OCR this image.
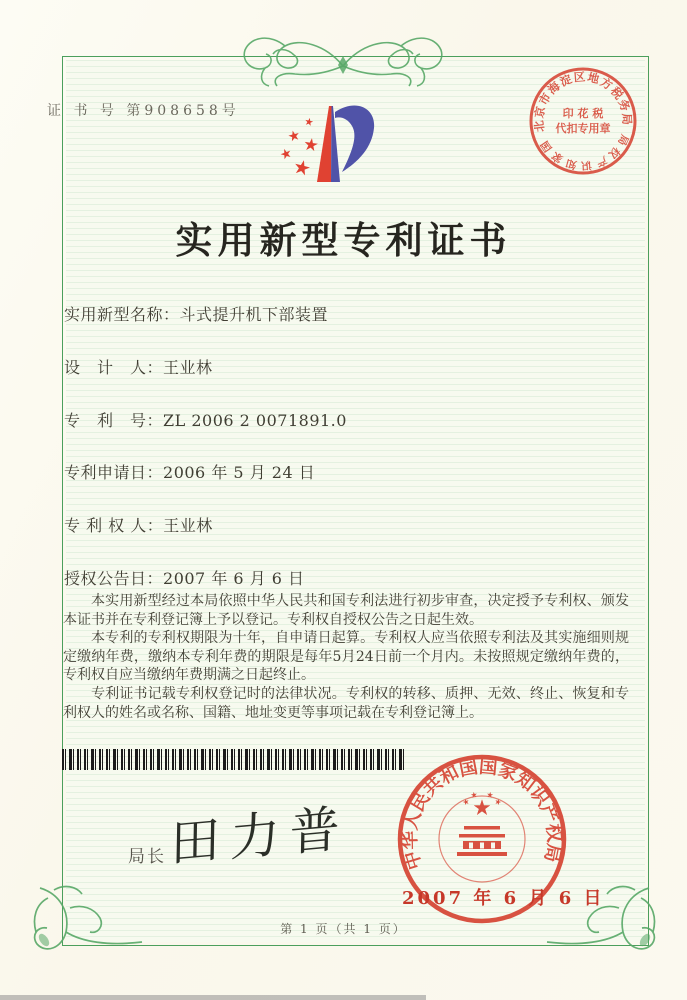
证 书 号 第908658号
北京市海淀区地方税务局
印 花 税
代扣专用章
局权产识知家国
实用新型专利证书
实用新型名称：斗式提升机下部装置
设　计　人：王业林
专　利　号：ZL 2006 2 0071891.0
专利申请日：2006 年 5 月 24 日
专 利 权 人：王业林
授权公告日：2007 年 6 月 6 日

本实用新型经过本局依照中华人民共和国专利法进行初步审查，决定授予专利权、颁发本证书并在专利登记簿上予以登记。专利权自授权公告之日起生效。

本专利的专利权期限为十年，自申请日起算。专利权人应当依照专利法及其实施细则规定缴纳年费，缴纳本专利年费的期限是每年5月24日前一个月内。未按照规定缴纳年费的，专利权自应当缴纳年费期满之日起终止。

专利证书记载专利权登记时的法律状况。专利权的转移、质押、无效、终止、恢复和专利权人的姓名或名称、国籍、地址变更等事项记载在专利登记簿上。

局长 田力普	中华人民共和国国家知识产权局
2007 年 6 月 6 日
第 1 页（共 1 页）
